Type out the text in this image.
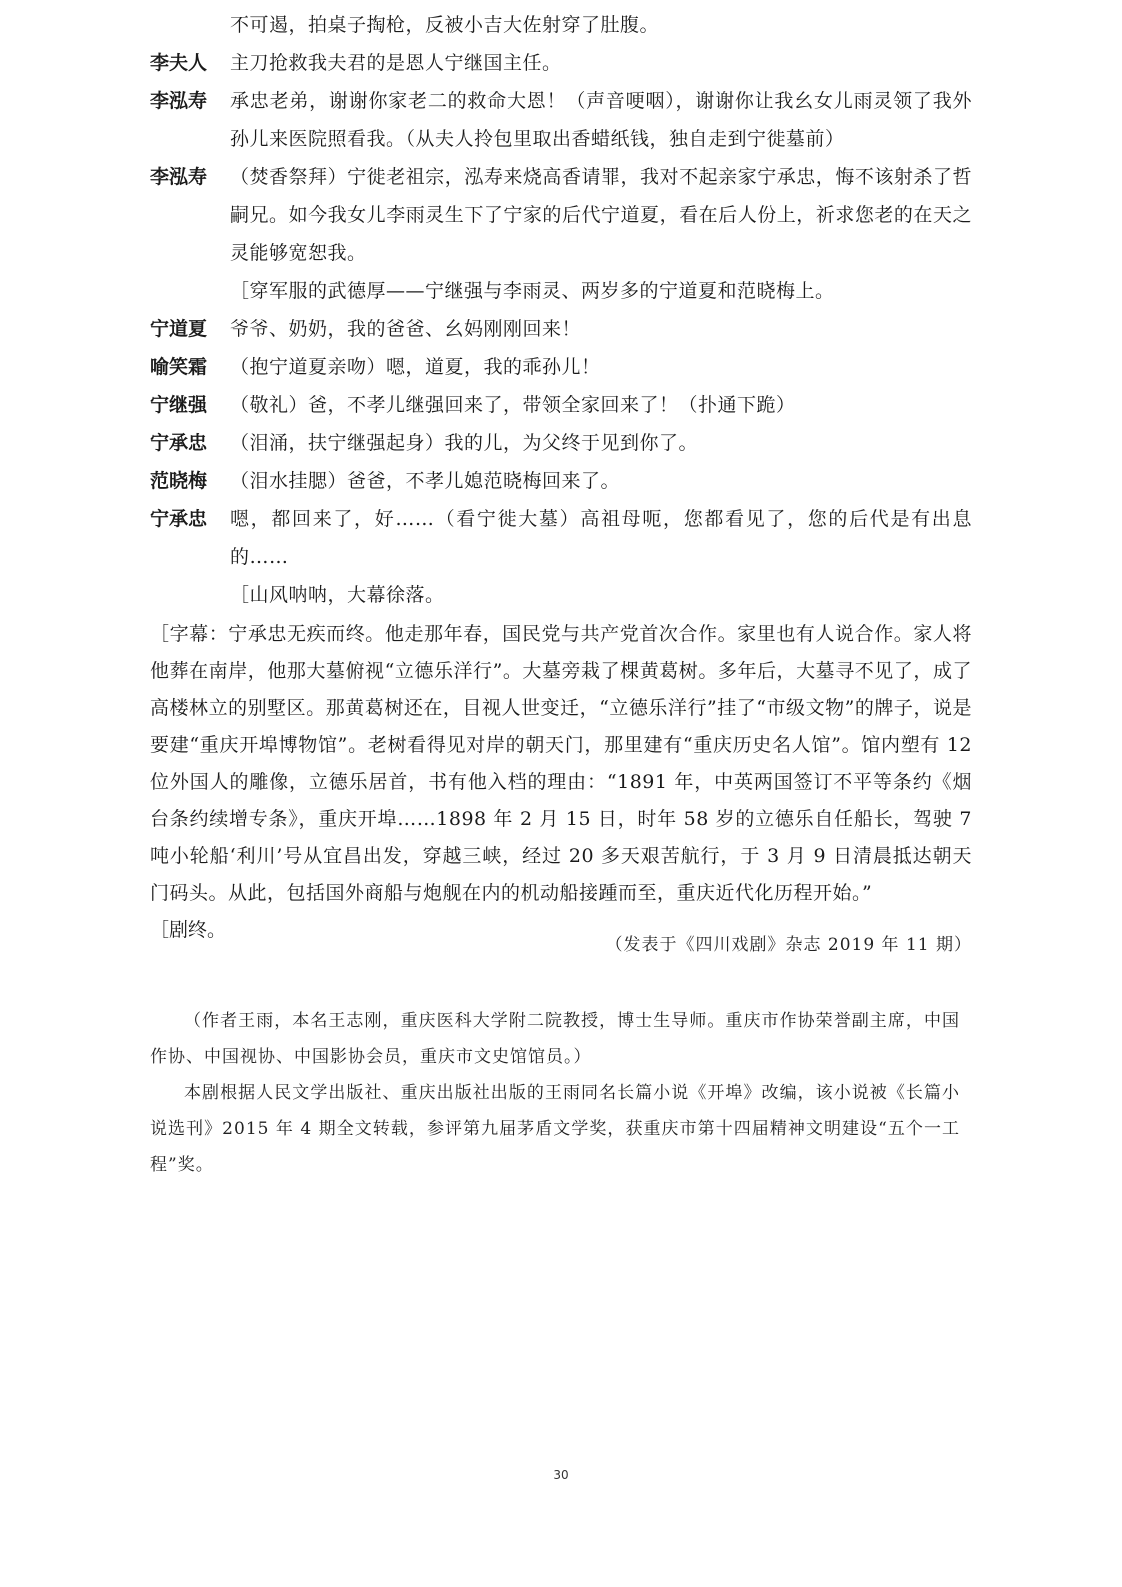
不可遏，拍桌子掏枪，反被小吉大佐射穿了肚腹。
李夫人	主刀抢救我夫君的是恩人宁继国主任。
李泓寿	承忠老弟，谢谢你家老二的救命大恩！（声音哽咽），谢谢你让我幺女儿雨灵领了我外孙儿来医院照看我。（从夫人拎包里取出香蜡纸钱，独自走到宁徙墓前）
李泓寿	（焚香祭拜）宁徙老祖宗，泓寿来烧高香请罪，我对不起亲家宁承忠，悔不该射杀了哲嗣兄。如今我女儿李雨灵生下了宁家的后代宁道夏，看在后人份上，祈求您老的在天之灵能够宽恕我。
［穿军服的武德厚——宁继强与李雨灵、两岁多的宁道夏和范晓梅上。
宁道夏	爷爷、奶奶，我的爸爸、幺妈刚刚回来！
喻笑霜	（抱宁道夏亲吻）嗯，道夏，我的乖孙儿！
宁继强	（敬礼）爸，不孝儿继强回来了，带领全家回来了！（扑通下跪）
宁承忠	（泪涌，扶宁继强起身）我的儿，为父终于见到你了。
范晓梅	（泪水挂腮）爸爸，不孝儿媳范晓梅回来了。
宁承忠	嗯，都回来了，好……（看宁徙大墓）高祖母呃，您都看见了，您的后代是有出息的……
［山风呐呐，大幕徐落。
［字幕：宁承忠无疾而终。他走那年春，国民党与共产党首次合作。家里也有人说合作。家人将他葬在南岸，他那大墓俯视“立德乐洋行”。大墓旁栽了棵黄葛树。多年后，大墓寻不见了，成了高楼林立的别墅区。那黄葛树还在，目视人世变迁，“立德乐洋行”挂了“市级文物”的牌子，说是要建“重庆开埠博物馆”。老树看得见对岸的朝天门，那里建有“重庆历史名人馆”。馆内塑有 12 位外国人的雕像，立德乐居首，书有他入档的理由：“1891 年，中英两国签订不平等条约《烟台条约续增专条》，重庆开埠……1898 年 2 月 15 日，时年 58 岁的立德乐自任船长，驾驶 7 吨小轮船‘利川’号从宜昌出发，穿越三峡，经过 20 多天艰苦航行，于 3 月 9 日清晨抵达朝天门码头。从此，包括国外商船与炮舰在内的机动船接踵而至，重庆近代化历程开始。”
［剧终。
（发表于《四川戏剧》杂志 2019 年 11 期）

（作者王雨，本名王志刚，重庆医科大学附二院教授，博士生导师。重庆市作协荣誉副主席，中国作协、中国视协、中国影协会员，重庆市文史馆馆员。）

本剧根据人民文学出版社、重庆出版社出版的王雨同名长篇小说《开埠》改编，该小说被《长篇小说选刊》2015 年 4 期全文转载，参评第九届茅盾文学奖，获重庆市第十四届精神文明建设“五个一工程”奖。

30
